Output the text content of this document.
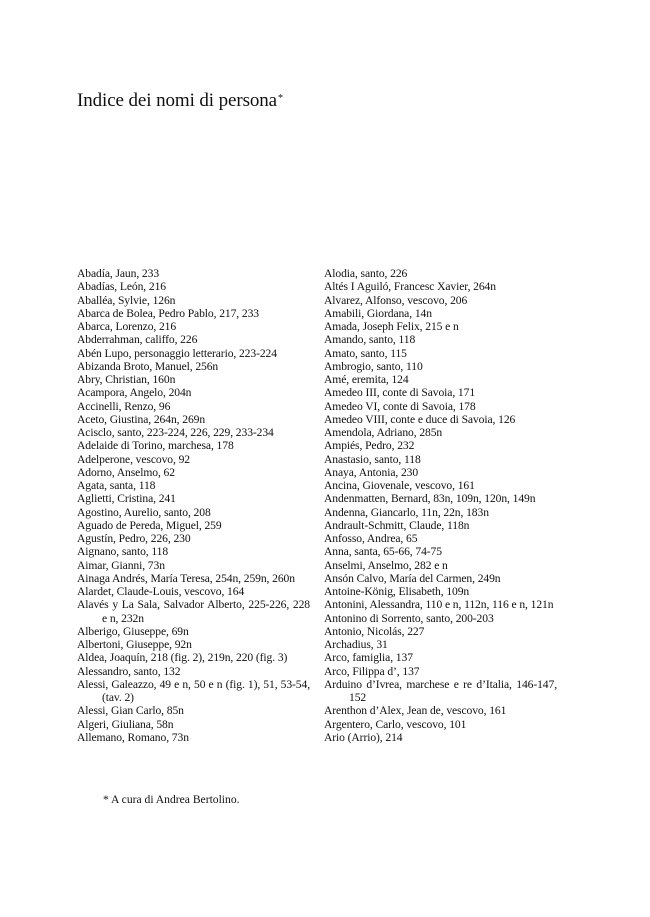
Indice dei nomi di persona*
Abadía, Jaun, 233
Abadías, León, 216
Aballéa, Sylvie, 126n
Abarca de Bolea, Pedro Pablo, 217, 233
Abarca, Lorenzo, 216
Abderrahman, califfo, 226
Abén Lupo, personaggio letterario, 223-224
Abizanda Broto, Manuel, 256n
Abry, Christian, 160n
Acampora, Angelo, 204n
Accinelli, Renzo, 96
Aceto, Giustina, 264n, 269n
Acisclo, santo, 223-224, 226, 229, 233-234
Adelaide di Torino, marchesa, 178
Adelperone, vescovo, 92
Adorno, Anselmo, 62
Agata, santa, 118
Aglietti, Cristina, 241
Agostino, Aurelio, santo, 208
Aguado de Pereda, Miguel, 259
Agustín, Pedro, 226, 230
Aignano, santo, 118
Aimar, Gianni, 73n
Ainaga Andrés, María Teresa, 254n, 259n, 260n
Alardet, Claude-Louis, vescovo, 164
Alavés y La Sala, Salvador Alberto, 225-226, 228 e n, 232n
Alberigo, Giuseppe, 69n
Albertoni, Giuseppe, 92n
Aldea, Joaquín, 218 (fig. 2), 219n, 220 (fig. 3)
Alessandro, santo, 132
Alessi, Galeazzo, 49 e n, 50 e n (fig. 1), 51, 53-54, (tav. 2)
Alessi, Gian Carlo, 85n
Algeri, Giuliana, 58n
Allemano, Romano, 73n
Alodia, santo, 226
Altés I Aguiló, Francesc Xavier, 264n
Alvarez, Alfonso, vescovo, 206
Amabili, Giordana, 14n
Amada, Joseph Felix, 215 e n
Amando, santo, 118
Amato, santo, 115
Ambrogio, santo, 110
Amé, eremita, 124
Amedeo III, conte di Savoia, 171
Amedeo VI, conte di Savoia, 178
Amedeo VIII, conte e duce di Savoia, 126
Amendola, Adriano, 285n
Ampiés, Pedro, 232
Anastasio, santo, 118
Anaya, Antonia, 230
Ancina, Giovenale, vescovo, 161
Andenmatten, Bernard, 83n, 109n, 120n, 149n
Andenna, Giancarlo, 11n, 22n, 183n
Andrault-Schmitt, Claude, 118n
Anfosso, Andrea, 65
Anna, santa, 65-66, 74-75
Anselmi, Anselmo, 282 e n
Ansón Calvo, María del Carmen, 249n
Antoine-König, Elisabeth, 109n
Antonini, Alessandra, 110 e n, 112n, 116 e n, 121n
Antonino di Sorrento, santo, 200-203
Antonio, Nicolás, 227
Archadius, 31
Arco, famiglia, 137
Arco, Filippa d’, 137
Arduino d’Ivrea, marchese e re d’Italia, 146-147, 152
Arenthon d’Alex, Jean de, vescovo, 161
Argentero, Carlo, vescovo, 101
Ario (Arrio), 214
* A cura di Andrea Bertolino.
